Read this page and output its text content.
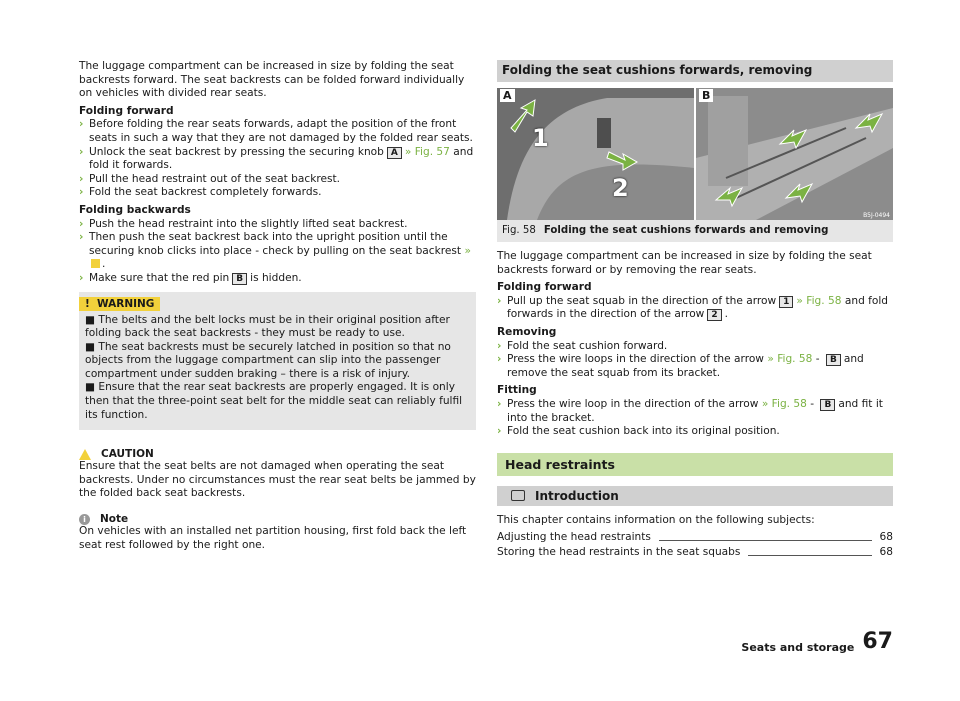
The luggage compartment can be increased in size by folding the seat backrests forward. The seat backrests can be folded forward individually on vehicles with divided rear seats.

Folding forward

› Before folding the rear seats forwards, adapt the position of the front seats in such a way that they are not damaged by the folded rear seats.

› Unlock the seat backrest by pressing the securing knob A » Fig. 57 and fold it forwards.

› Pull the head restraint out of the seat backrest.

› Fold the seat backrest completely forwards.

Folding backwards

› Push the head restraint into the slightly lifted seat backrest.

› Then push the seat backrest back into the upright position until the securing knob clicks into place - check by pulling on the seat backrest ».

› Make sure that the red pin B is hidden.

! WARNING

■ The belts and the belt locks must be in their original position after folding back the seat backrests - they must be ready to use.

■ The seat backrests must be securely latched in position so that no objects from the luggage compartment can slip into the passenger compartment under sudden braking – there is a risk of injury.

■ Ensure that the rear seat backrests are properly engaged. It is only then that the three-point seat belt for the middle seat can reliably fulfil its function.

CAUTION

Ensure that the seat belts are not damaged when operating the seat backrests. Under no circumstances must the rear seat belts be jammed by the folded back seat backrests.

i	Note

On vehicles with an installed net partition housing, first fold back the left seat rest followed by the right one.

Folding the seat cushions forwards, removing
A
1
2
B
B5J-0494
Fig. 58 Folding the seat cushions forwards and removing

The luggage compartment can be increased in size by folding the seat backrests forward or by removing the rear seats.

Folding forward

› Pull up the seat squab in the direction of the arrow 1 » Fig. 58 and fold forwards in the direction of the arrow 2 .

Removing

› Fold the seat cushion forward.

› Press the wire loops in the direction of the arrow » Fig. 58 - B and remove the seat squab from its bracket.

Fitting

› Press the wire loop in the direction of the arrow » Fig. 58 - B and fit it into the bracket.

› Fold the seat cushion back into its original position.

Head restraints
Introduction

This chapter contains information on the following subjects:

Adjusting the head restraints	68
Storing the head restraints in the seat squabs	68
Seats and storage 67
